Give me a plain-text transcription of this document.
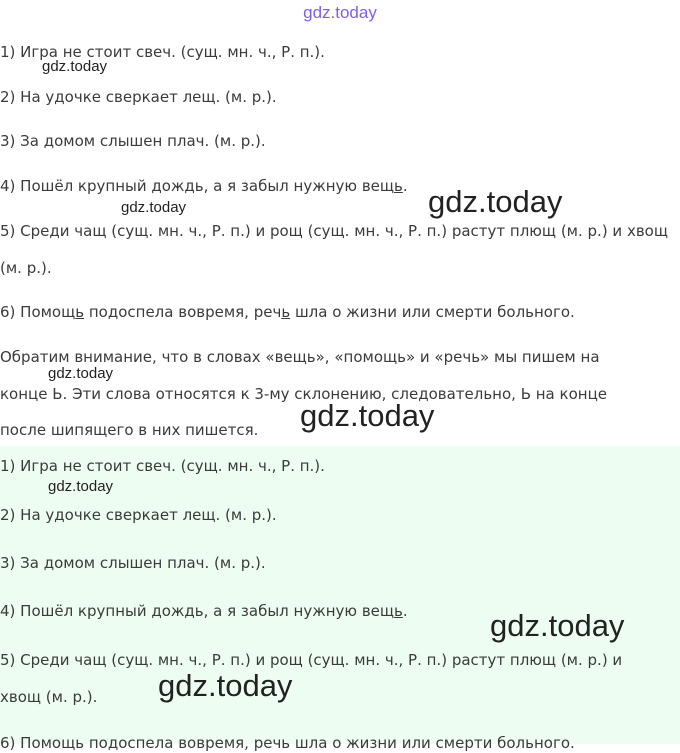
gdz.today
1) Игра не стоит свеч. (сущ. мн. ч., Р. п.).
2) На удочке сверкает лещ. (м. р.).
3) За домом слышен плач. (м. р.).
4) Пошёл крупный дождь, а я забыл нужную вещь.
5) Среди чащ (сущ. мн. ч., Р. п.) и рощ (сущ. мн. ч., Р. п.) растут плющ (м. р.) и хвощ
(м. р.).
6) Помощь подоспела вовремя, речь шла о жизни или смерти больного.
Обратим внимание, что в словах «вещь», «помощь» и «речь» мы пишем на
конце Ь. Эти слова относятся к 3-му склонению, следовательно, Ь на конце
после шипящего в них пишется.
gdz.today
gdz.today	gdz.today
gdz.today
gdz.today
1) Игра не стоит свеч. (сущ. мн. ч., Р. п.).
2) На удочке сверкает лещ. (м. р.).
3) За домом слышен плач. (м. р.).
4) Пошёл крупный дождь, а я забыл нужную вещь.
5) Среди чащ (сущ. мн. ч., Р. п.) и рощ (сущ. мн. ч., Р. п.) растут плющ (м. р.) и
хвощ (м. р.).
6) Помощь подоспела вовремя, речь шла о жизни или смерти больного.
gdz.today
gdz.today
gdz.today
